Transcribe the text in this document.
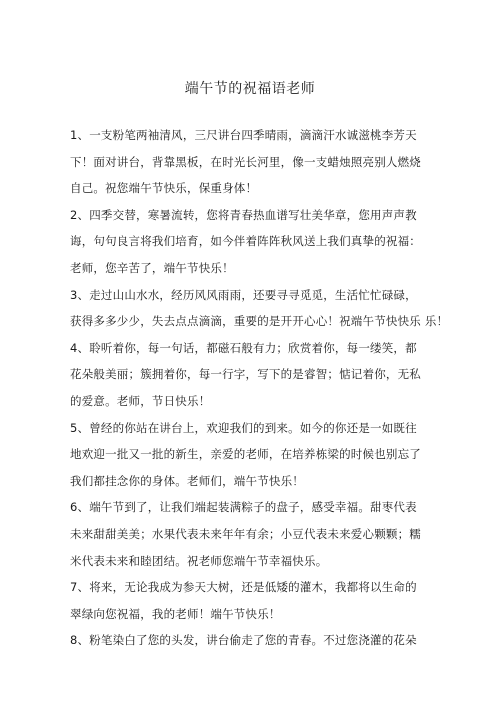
端午节的祝福语老师
1、一支粉笔两袖清风，三尺讲台四季晴雨，滴滴汗水诚滋桃李芳天
下！面对讲台，背靠黑板，在时光长河里，像一支蜡烛照亮别人燃烧
自己。祝您端午节快乐，保重身体！
2、四季交替，寒暑流转，您将青春热血谱写壮美华章，您用声声教
诲，句句良言将我们培育，如今伴着阵阵秋风送上我们真挚的祝福：
老师，您辛苦了，端午节快乐！
3、走过山山水水，经历风风雨雨，还要寻寻觅觅，生活忙忙碌碌，
获得多多少少，失去点点滴滴，重要的是开开心心！祝端午节快快乐 乐！
4、聆听着你，每一句话，都磁石般有力；欣赏着你，每一缕笑，都
花朵般美丽；簇拥着你，每一行字，写下的是睿智；惦记着你，无私
的爱意。老师，节日快乐！
5、曾经的你站在讲台上，欢迎我们的到来。如今的你还是一如既往
地欢迎一批又一批的新生，亲爱的老师，在培养栋梁的时候也别忘了
我们都挂念你的身体。老师们，端午节快乐！
6、端午节到了，让我们端起装满粽子的盘子，感受幸福。甜枣代表
未来甜甜美美；水果代表未来年年有余；小豆代表未来爱心颗颗；糯
米代表未来和睦团结。祝老师您端午节幸福快乐。
7、将来，无论我成为参天大树，还是低矮的灌木，我都将以生命的
翠绿向您祝福，我的老师！端午节快乐！
8、粉笔染白了您的头发，讲台偷走了您的青春。不过您浇灌的花朵
